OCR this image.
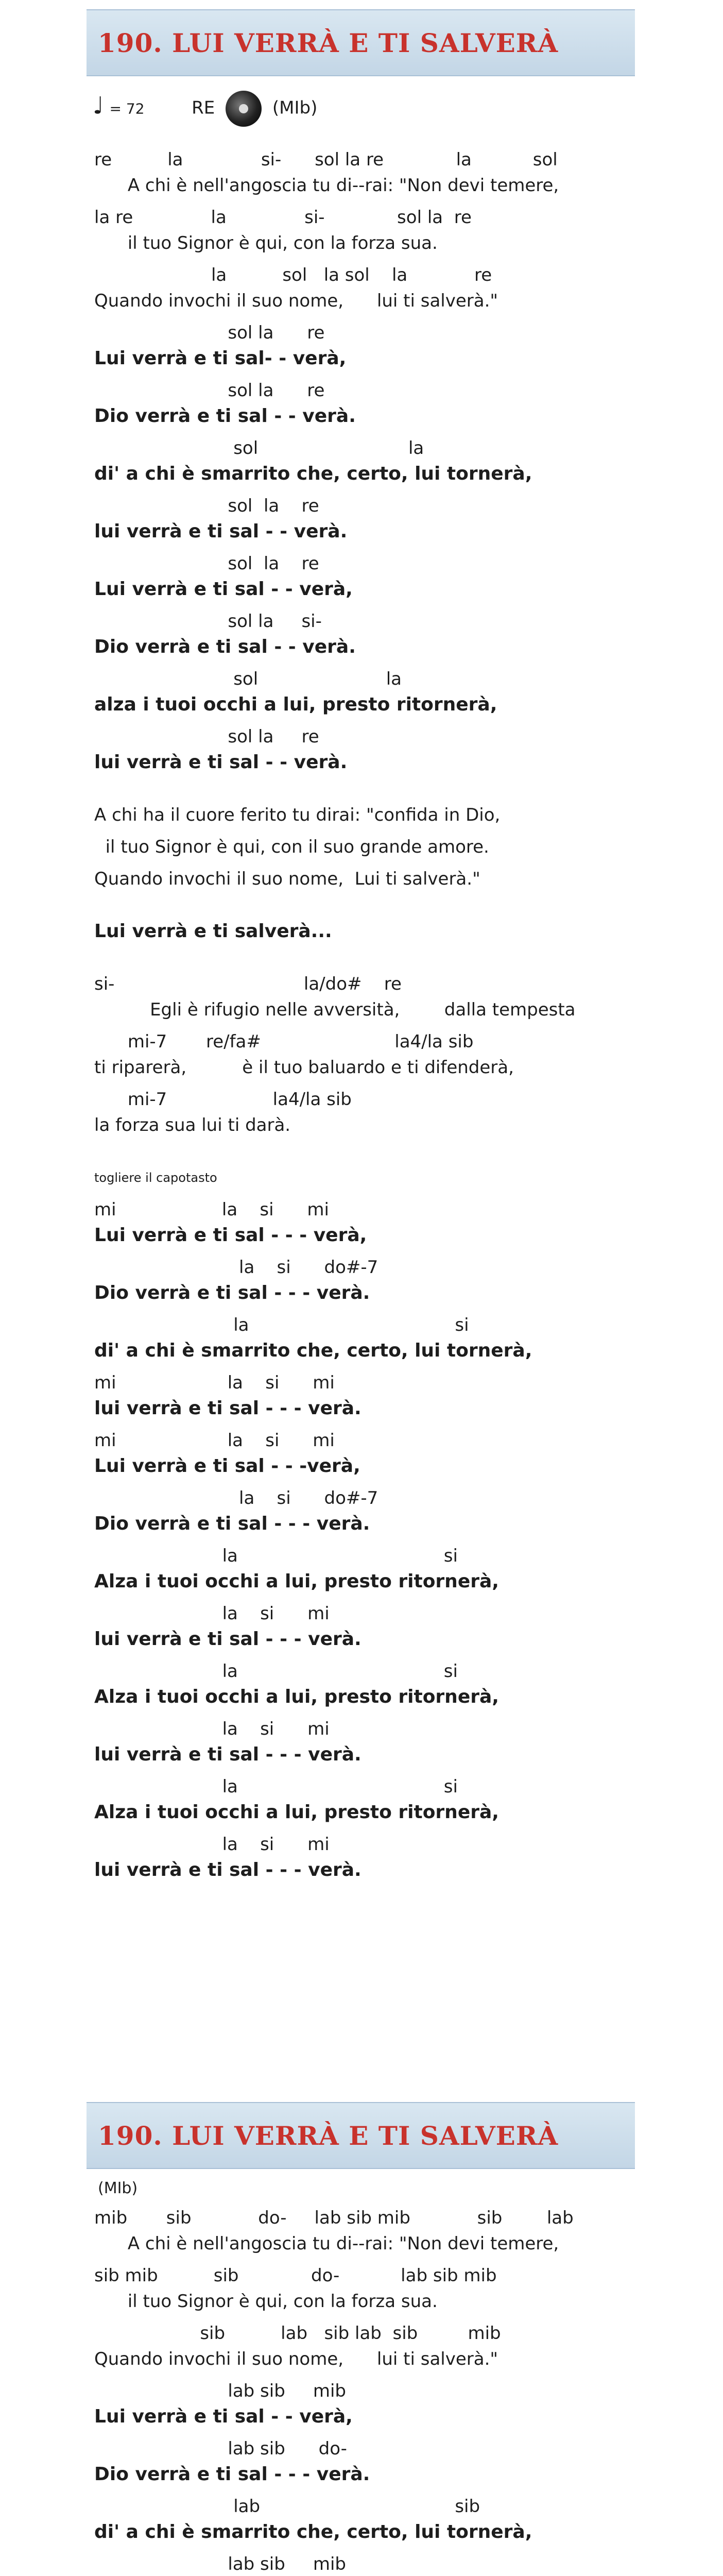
190. LUI VERRÀ E TI SALVERÀ
♩ = 72	RE	(MIb)
re          la              si-      sol la re             la           sol
A chi è nell'angoscia tu di--rai: "Non devi temere,
la re              la              si-             sol la  re
il tuo Signor è qui, con la forza sua.
la          sol   la sol    la            re
Quando invochi il suo nome,      lui ti salverà."
sol la      re
Lui verrà e ti sal- - verà,
sol la      re
Dio verrà e ti sal - - verà.
sol                           la
di' a chi è smarrito che, certo, lui tornerà,
sol  la    re
lui verrà e ti sal - - verà.
sol  la    re
Lui verrà e ti sal - - verà,
sol la     si-
Dio verrà e ti sal - - verà.
sol                       la
alza i tuoi occhi a lui, presto ritornerà,
sol la     re
lui verrà e ti sal - - verà.
A chi ha il cuore ferito tu dirai: "confida in Dio,
il tuo Signor è qui, con il suo grande amore.
Quando invochi il suo nome,  Lui ti salverà."
Lui verrà e ti salverà...
si-                                  la/do#    re
Egli è rifugio nelle avversità,        dalla tempesta
mi-7       re/fa#                        la4/la sib
ti riparerà,          è il tuo baluardo e ti difenderà,
mi-7                   la4/la sib
la forza sua lui ti darà.
togliere il capotasto
mi                   la    si      mi
Lui verrà e ti sal - - - verà,
la    si      do#-7
Dio verrà e ti sal - - - verà.
la                                     si
di' a chi è smarrito che, certo, lui tornerà,
mi                    la    si      mi
lui verrà e ti sal - - - verà.
mi                    la    si      mi
Lui verrà e ti sal - - -verà,
la    si      do#-7
Dio verrà e ti sal - - - verà.
la                                     si
Alza i tuoi occhi a lui, presto ritornerà,
la    si      mi
lui verrà e ti sal - - - verà.
la                                     si
Alza i tuoi occhi a lui, presto ritornerà,
la    si      mi
lui verrà e ti sal - - - verà.
la                                     si
Alza i tuoi occhi a lui, presto ritornerà,
la    si      mi
lui verrà e ti sal - - - verà.
190. LUI VERRÀ E TI SALVERÀ
(MIb)
mib       sib            do-     lab sib mib            sib        lab
A chi è nell'angoscia tu di--rai: "Non devi temere,
sib mib          sib             do-           lab sib mib
il tuo Signor è qui, con la forza sua.
sib          lab   sib lab  sib         mib
Quando invochi il suo nome,      lui ti salverà."
lab sib     mib
Lui verrà e ti sal - - verà,
lab sib      do-
Dio verrà e ti sal - - - verà.
lab                                   sib
di' a chi è smarrito che, certo, lui tornerà,
lab sib     mib
